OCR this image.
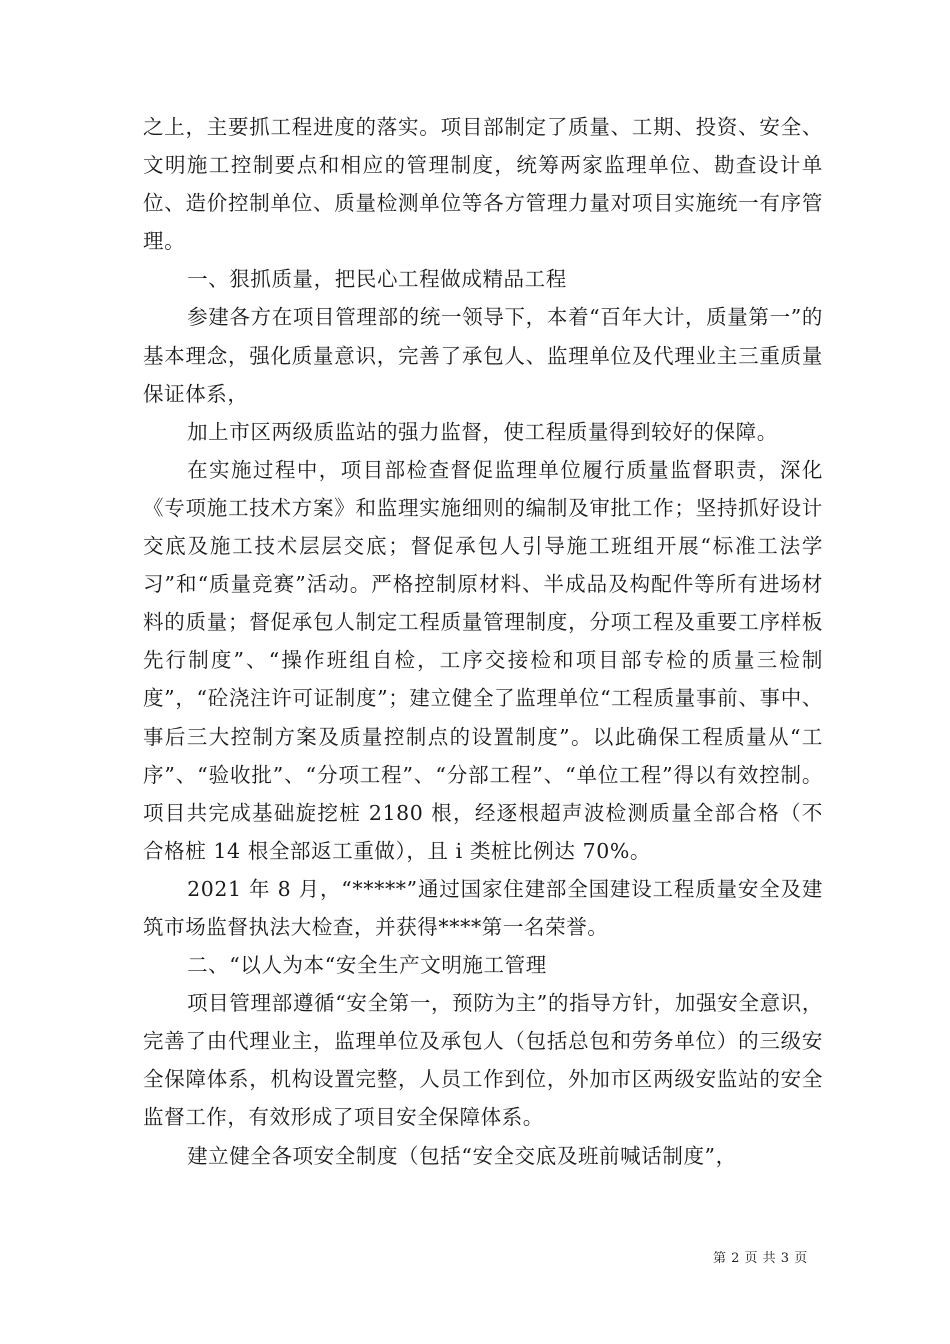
之上，主要抓工程进度的落实。项目部制定了质量、工期、投资、安全、文明施工控制要点和相应的管理制度，统筹两家监理单位、勘查设计单位、造价控制单位、质量检测单位等各方管理力量对项目实施统一有序管理。

一、狠抓质量，把民心工程做成精品工程

参建各方在项目管理部的统一领导下，本着“百年大计，质量第一”的基本理念，强化质量意识，完善了承包人、监理单位及代理业主三重质量保证体系，

加上市区两级质监站的强力监督，使工程质量得到较好的保障。

在实施过程中，项目部检查督促监理单位履行质量监督职责，深化《专项施工技术方案》和监理实施细则的编制及审批工作；坚持抓好设计交底及施工技术层层交底；督促承包人引导施工班组开展“标准工法学习”和“质量竞赛”活动。严格控制原材料、半成品及构配件等所有进场材料的质量；督促承包人制定工程质量管理制度，分项工程及重要工序样板先行制度”、“操作班组自检，工序交接检和项目部专检的质量三检制度”，“砼浇注许可证制度”；建立健全了监理单位“工程质量事前、事中、事后三大控制方案及质量控制点的设置制度”。以此确保工程质量从“工序”、“验收批”、“分项工程”、“分部工程”、“单位工程”得以有效控制。项目共完成基础旋挖桩 2180 根，经逐根超声波检测质量全部合格（不合格桩 14 根全部返工重做），且 i 类桩比例达 70%。

2021 年 8 月，“*****”通过国家住建部全国建设工程质量安全及建筑市场监督执法大检查，并获得****第一名荣誉。

二、“以人为本“安全生产文明施工管理

项目管理部遵循“安全第一，预防为主”的指导方针，加强安全意识，完善了由代理业主，监理单位及承包人（包括总包和劳务单位）的三级安全保障体系，机构设置完整，人员工作到位，外加市区两级安监站的安全监督工作，有效形成了项目安全保障体系。

建立健全各项安全制度（包括“安全交底及班前喊话制度”，

第 2 页 共 3 页
